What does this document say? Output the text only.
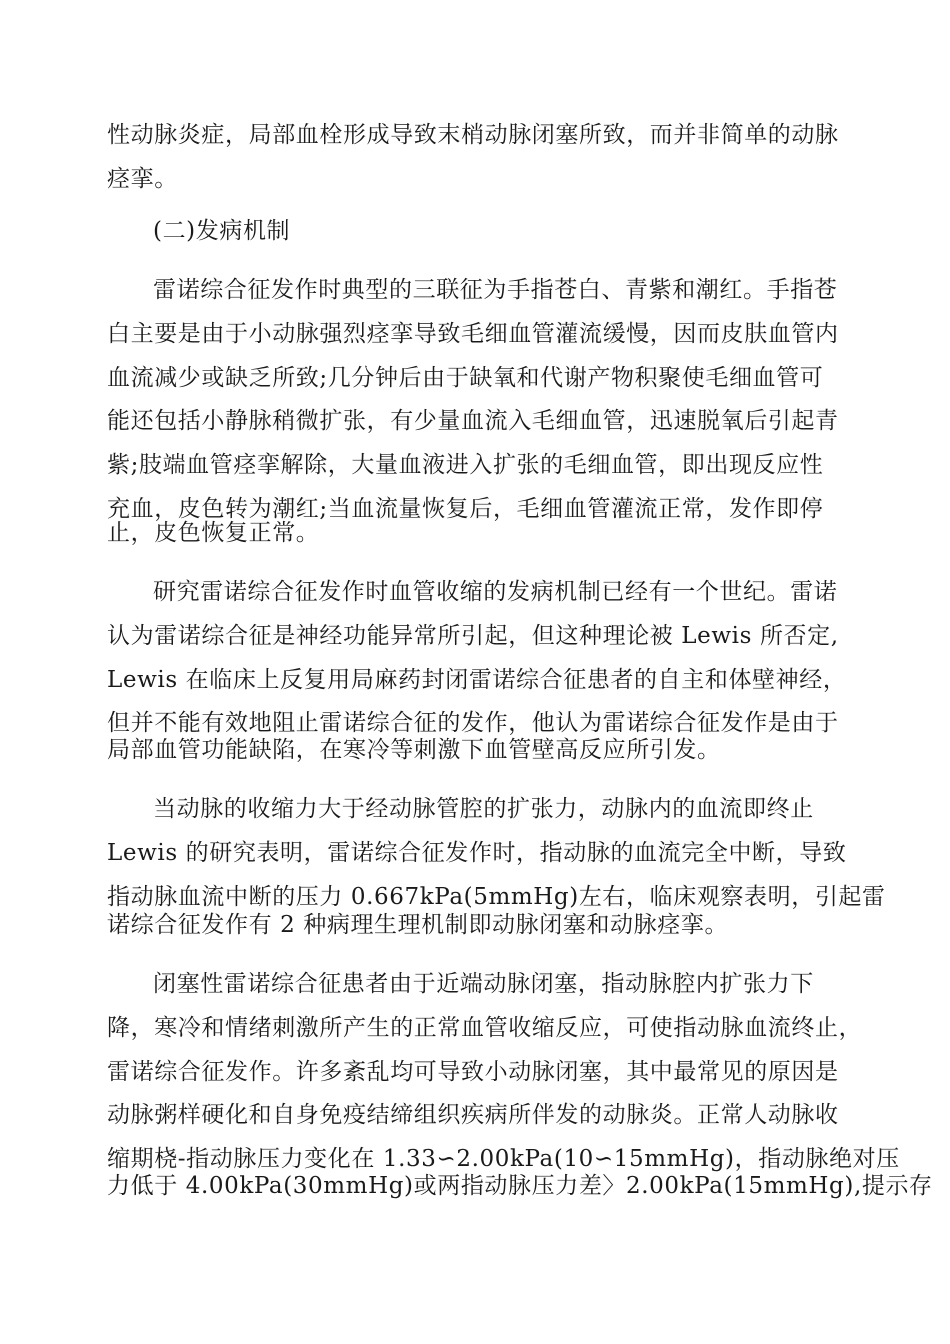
性动脉炎症，局部血栓形成导致末梢动脉闭塞所致，而并非简单的动脉
痉挛。
(二)发病机制
雷诺综合征发作时典型的三联征为手指苍白、青紫和潮红。手指苍
白主要是由于小动脉强烈痉挛导致毛细血管灌流缓慢，因而皮肤血管内
血流减少或缺乏所致;几分钟后由于缺氧和代谢产物积聚使毛细血管可
能还包括小静脉稍微扩张，有少量血流入毛细血管，迅速脱氧后引起青
紫;肢端血管痉挛解除，大量血液进入扩张的毛细血管，即出现反应性
充血，皮色转为潮红;当血流量恢复后，毛细血管灌流正常，发作即停
止，皮色恢复正常。
研究雷诺综合征发作时血管收缩的发病机制已经有一个世纪。雷诺
认为雷诺综合征是神经功能异常所引起，但这种理论被 Lewis 所否定,
Lewis 在临床上反复用局麻药封闭雷诺综合征患者的自主和体壁神经，
但并不能有效地阻止雷诺综合征的发作，他认为雷诺综合征发作是由于
局部血管功能缺陷，在寒冷等刺激下血管壁高反应所引发。
当动脉的收缩力大于经动脉管腔的扩张力，动脉内的血流即终止
Lewis 的研究表明，雷诺综合征发作时，指动脉的血流完全中断，导致
指动脉血流中断的压力 0.667kPa(5mmHg)左右，临床观察表明，引起雷
诺综合征发作有 2 种病理生理机制即动脉闭塞和动脉痉挛。
闭塞性雷诺综合征患者由于近端动脉闭塞，指动脉腔内扩张力下
降，寒冷和情绪刺激所产生的正常血管收缩反应，可使指动脉血流终止，
雷诺综合征发作。许多紊乱均可导致小动脉闭塞，其中最常见的原因是
动脉粥样硬化和自身免疫结缔组织疾病所伴发的动脉炎。正常人动脉收
缩期桡-指动脉压力变化在 1.33∽2.00kPa(10∽15mmHg)，指动脉绝对压
力低于 4.00kPa(30mmHg)或两指动脉压力差〉2.00kPa(15mmHg),提示存
